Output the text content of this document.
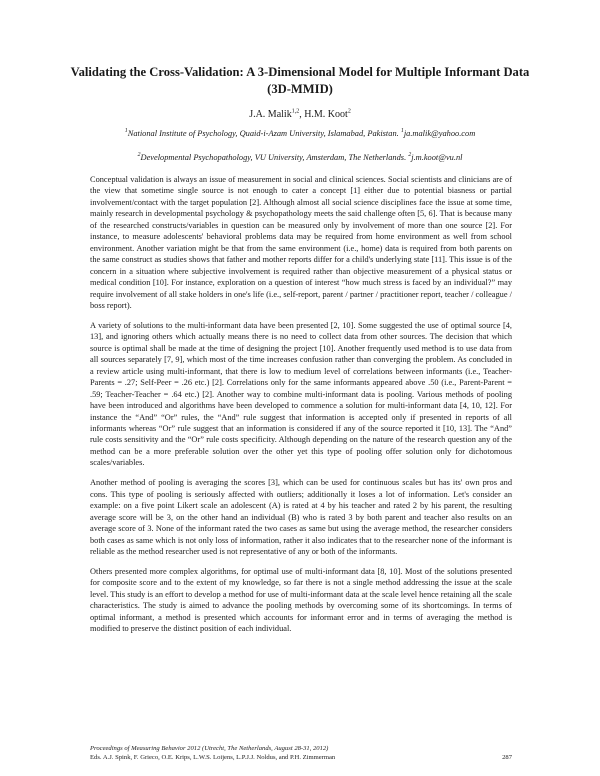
Validating the Cross-Validation: A 3-Dimensional Model for Multiple Informant Data (3D-MMID)
J.A. Malik$^{1,2}$, H.M. Koot$^2$
$^1$National Institute of Psychology, Quaid-i-Azam University, Islamabad, Pakistan. $^1$ja.malik@yahoo.com
$^2$Developmental Psychopathology, VU University, Amsterdam, The Netherlands. $^2$j.m.koot@vu.nl

Conceptual validation is always an issue of measurement in social and clinical sciences. Social scientists and clinicians are of the view that sometime single source is not enough to cater a concept [1] either due to potential biasness or partial involvement/contact with the target population [2]. Although almost all social science disciplines face the issue at some time, mainly research in developmental psychology & psychopathology meets the said challenge often [5, 6]. That is because many of the researched constructs/variables in question can be measured only by involvement of more than one source [2]. For instance, to measure adolescents' behavioral problems data may be required from home environment as well from school environment. Another variation might be that from the same environment (i.e., home) data is required from both parents on the same construct as studies shows that father and mother reports differ for a child's underlying state [11]. This issue is of the concern in a situation where subjective involvement is required rather than objective measurement of a physical status or medical condition [10]. For instance, exploration on a question of interest “how much stress is faced by an individual?” may require involvement of all stake holders in one's life (i.e., self-report, parent / partner / practitioner report, teacher / colleague / boss report).

A variety of solutions to the multi-informant data have been presented [2, 10]. Some suggested the use of optimal source [4, 13], and ignoring others which actually means there is no need to collect data from other sources. The decision that which source is optimal shall be made at the time of designing the project [10]. Another frequently used method is to use data from all sources separately [7, 9], which most of the time increases confusion rather than converging the problem. As concluded in a review article using multi-informant, that there is low to medium level of correlations between informants (i.e., Teacher-Parents = .27; Self-Peer = .26 etc.) [2]. Correlations only for the same informants appeared above .50 (i.e., Parent-Parent = .59; Teacher-Teacher = .64 etc.) [2]. Another way to combine multi-informant data is pooling. Various methods of pooling have been introduced and algorithms have been developed to commence a solution for multi-informant data [4, 10, 12]. For instance the “And” “Or” rules, the “And” rule suggest that information is accepted only if presented in reports of all informants whereas “Or” rule suggest that an information is considered if any of the source reported it [10, 13]. The “And” rule costs sensitivity and the “Or” rule costs specificity. Although depending on the nature of the research question any of the method can be a more preferable solution over the other yet this type of pooling offer solution only for dichotomous scales/variables.

Another method of pooling is averaging the scores [3], which can be used for continuous scales but has its' own pros and cons. This type of pooling is seriously affected with outliers; additionally it loses a lot of information. Let's consider an example: on a five point Likert scale an adolescent (A) is rated at 4 by his teacher and rated 2 by his parent, the resulting average score will be 3, on the other hand an individual (B) who is rated 3 by both parent and teacher also results on an average score of 3. None of the informant rated the two cases as same but using the average method, the researcher considers both cases as same which is not only loss of information, rather it also indicates that to the researcher none of the informant is reliable as the method researcher used is not representative of any or both of the informants.

Others presented more complex algorithms, for optimal use of multi-informant data [8, 10]. Most of the solutions presented for composite score and to the extent of my knowledge, so far there is not a single method addressing the issue at the scale level. This study is an effort to develop a method for use of multi-informant data at the scale level hence retaining all the scale characteristics. The study is aimed to advance the pooling methods by overcoming some of its shortcomings. In terms of optimal informant, a method is presented which accounts for informant error and in terms of averaging the method is modified to preserve the distinct position of each individual.

Proceedings of Measuring Behavior 2012 (Utrecht, The Netherlands, August 28-31, 2012)
Eds. A.J. Spink, F. Grieco, O.E. Krips, L.W.S. Loijens, L.P.J.J. Noldus, and P.H. Zimmerman	287
